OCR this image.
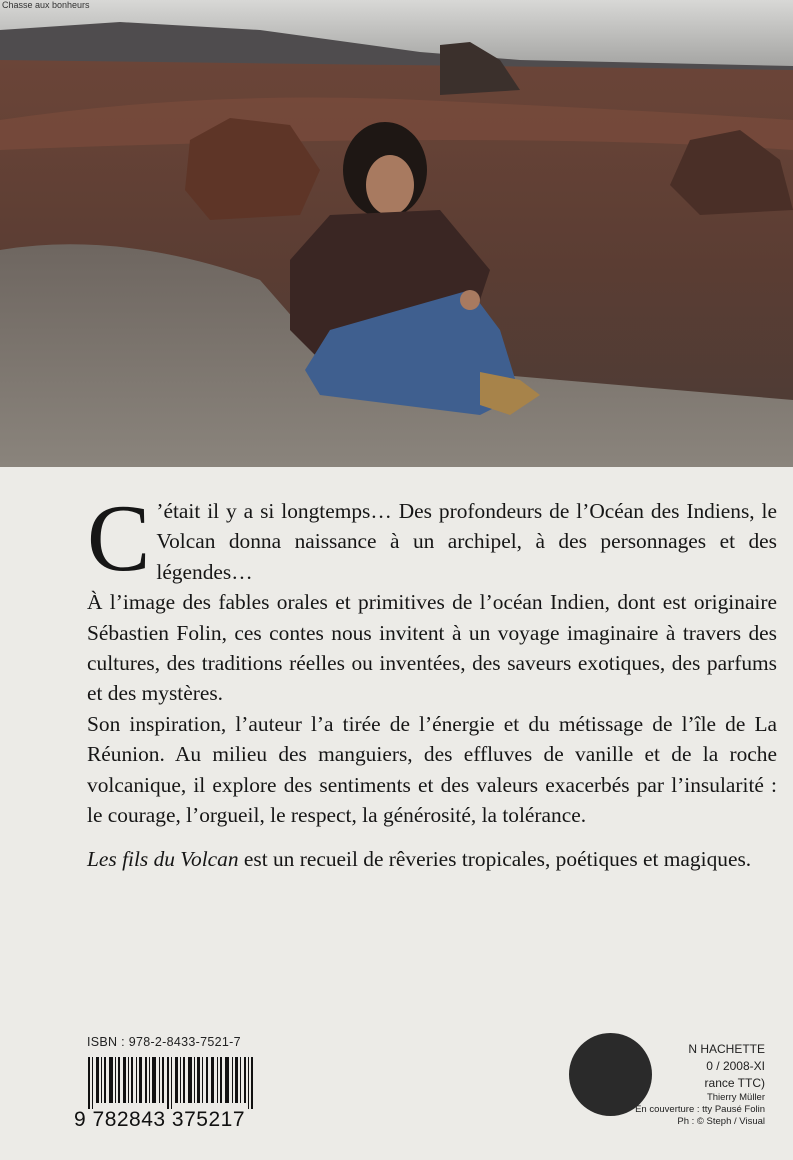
Chasse aux bonheurs

C ’était il y a si longtemps… Des profondeurs de l’Océan des Indiens, le Volcan donna naissance à un archipel, à des personnages et des légendes…

À l’image des fables orales et primitives de l’océan Indien, dont est originaire Sébastien Folin, ces contes nous invitent à un voyage imaginaire à travers des cultures, des traditions réelles ou inventées, des saveurs exotiques, des parfums et des mystères.

Son inspiration, l’auteur l’a tirée de l’énergie et du métissage de l’île de La Réunion. Au milieu des manguiers, des effluves de vanille et de la roche volcanique, il explore des sentiments et des valeurs exacerbés par l’insularité : le courage, l’orgueil, le respect, la générosité, la tolérance.

Les fils du Volcan est un recueil de rêveries tropicales, poétiques et magiques.

ISBN : 978-2-8433-7521-7
9 782843 375217
N HACHETTE
0 / 2008-XI
rance TTC)
Thierry Müller
En couverture : tty Pausé Folin
Ph : © Steph / Visual
